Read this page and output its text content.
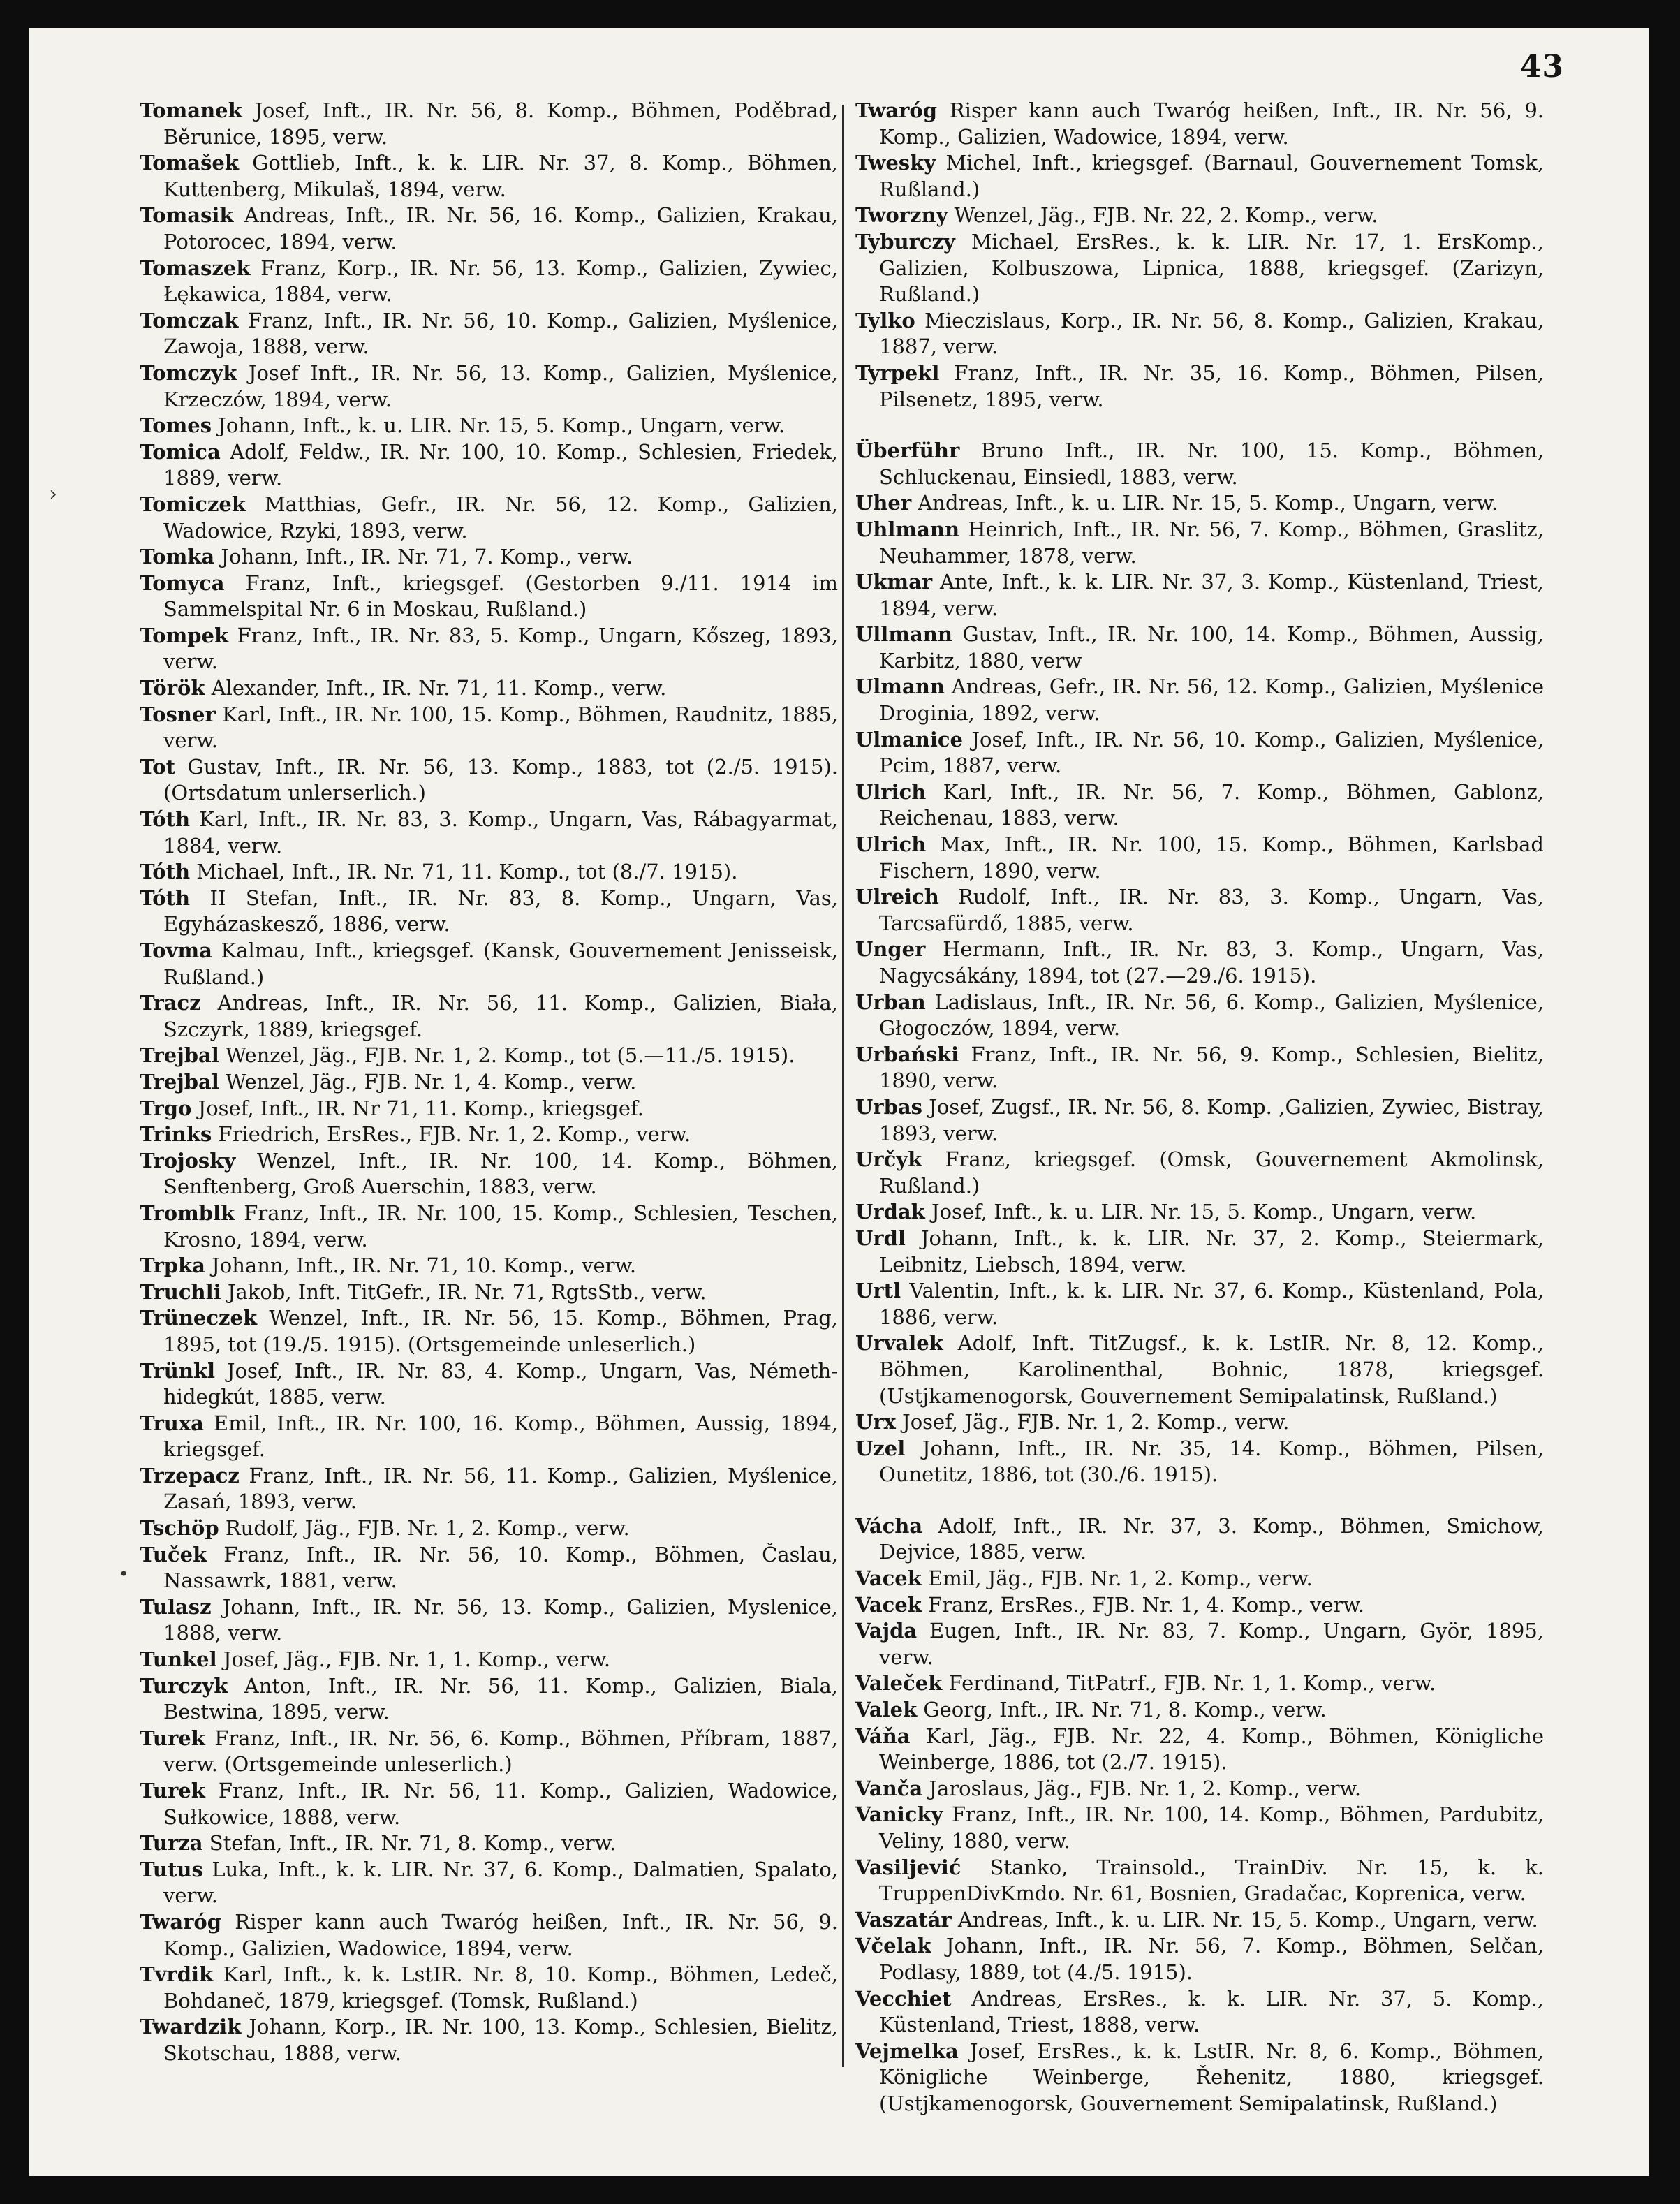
43
Tomanek Josef, Inft., IR. Nr. 56, 8. Komp., Böhmen, Poděbrad, Běrunice, 1895, verw.
Tomašek Gottlieb, Inft., k. k. LIR. Nr. 37, 8. Komp., Böhmen, Kuttenberg, Mikulaš, 1894, verw.
Tomasik Andreas, Inft., IR. Nr. 56, 16. Komp., Galizien, Krakau, Potorocec, 1894, verw.
Tomaszek Franz, Korp., IR. Nr. 56, 13. Komp., Galizien, Zywiec, Łękawica, 1884, verw.
Tomczak Franz, Inft., IR. Nr. 56, 10. Komp., Galizien, Myślenice, Zawoja, 1888, verw.
Tomczyk Josef Inft., IR. Nr. 56, 13. Komp., Galizien, Myślenice, Krzeczów, 1894, verw.
Tomes Johann, Inft., k. u. LIR. Nr. 15, 5. Komp., Ungarn, verw.
Tomica Adolf, Feldw., IR. Nr. 100, 10. Komp., Schlesien, Friedek, 1889, verw.
Tomiczek Matthias, Gefr., IR. Nr. 56, 12. Komp., Galizien, Wadowice, Rzyki, 1893, verw.
Tomka Johann, Inft., IR. Nr. 71, 7. Komp., verw.
Tomyca Franz, Inft., kriegsgef. (Gestorben 9./11. 1914 im Sammelspital Nr. 6 in Moskau, Rußland.)
Tompek Franz, Inft., IR. Nr. 83, 5. Komp., Ungarn, Kőszeg, 1893, verw.
Török Alexander, Inft., IR. Nr. 71, 11. Komp., verw.
Tosner Karl, Inft., IR. Nr. 100, 15. Komp., Böhmen, Raudnitz, 1885, verw.
Tot Gustav, Inft., IR. Nr. 56, 13. Komp., 1883, tot (2./5. 1915). (Ortsdatum unlerserlich.)
Tóth Karl, Inft., IR. Nr. 83, 3. Komp., Ungarn, Vas, Rábagyarmat, 1884, verw.
Tóth Michael, Inft., IR. Nr. 71, 11. Komp., tot (8./7. 1915).
Tóth II Stefan, Inft., IR. Nr. 83, 8. Komp., Ungarn, Vas, Egyházaskesző, 1886, verw.
Tovma Kalmau, Inft., kriegsgef. (Kansk, Gouvernement Jenisseisk, Rußland.)
Tracz Andreas, Inft., IR. Nr. 56, 11. Komp., Galizien, Biała, Szczyrk, 1889, kriegsgef.
Trejbal Wenzel, Jäg., FJB. Nr. 1, 2. Komp., tot (5.—11./5. 1915).
Trejbal Wenzel, Jäg., FJB. Nr. 1, 4. Komp., verw.
Trgo Josef, Inft., IR. Nr 71, 11. Komp., kriegsgef.
Trinks Friedrich, ErsRes., FJB. Nr. 1, 2. Komp., verw.
Trojosky Wenzel, Inft., IR. Nr. 100, 14. Komp., Böhmen, Senftenberg, Groß Auerschin, 1883, verw.
Tromblk Franz, Inft., IR. Nr. 100, 15. Komp., Schlesien, Teschen, Krosno, 1894, verw.
Trpka Johann, Inft., IR. Nr. 71, 10. Komp., verw.
Truchli Jakob, Inft. TitGefr., IR. Nr. 71, RgtsStb., verw.
Trüneczek Wenzel, Inft., IR. Nr. 56, 15. Komp., Böhmen, Prag, 1895, tot (19./5. 1915). (Ortsgemeinde unleserlich.)
Trünkl Josef, Inft., IR. Nr. 83, 4. Komp., Ungarn, Vas, Németh-hidegkút, 1885, verw.
Truxa Emil, Inft., IR. Nr. 100, 16. Komp., Böhmen, Aussig, 1894, kriegsgef.
Trzepacz Franz, Inft., IR. Nr. 56, 11. Komp., Galizien, Myślenice, Zasań, 1893, verw.
Tschöp Rudolf, Jäg., FJB. Nr. 1, 2. Komp., verw.
Tuček Franz, Inft., IR. Nr. 56, 10. Komp., Böhmen, Časlau, Nassawrk, 1881, verw.
Tulasz Johann, Inft., IR. Nr. 56, 13. Komp., Galizien, Myslenice, 1888, verw.
Tunkel Josef, Jäg., FJB. Nr. 1, 1. Komp., verw.
Turczyk Anton, Inft., IR. Nr. 56, 11. Komp., Galizien, Biala, Bestwina, 1895, verw.
Turek Franz, Inft., IR. Nr. 56, 6. Komp., Böhmen, Příbram, 1887, verw. (Ortsgemeinde unleserlich.)
Turek Franz, Inft., IR. Nr. 56, 11. Komp., Galizien, Wadowice, Sułkowice, 1888, verw.
Turza Stefan, Inft., IR. Nr. 71, 8. Komp., verw.
Tutus Luka, Inft., k. k. LIR. Nr. 37, 6. Komp., Dalmatien, Spalato, verw.
Twaróg Risper kann auch Twaróg heißen, Inft., IR. Nr. 56, 9. Komp., Galizien, Wadowice, 1894, verw.
Tvrdik Karl, Inft., k. k. LstIR. Nr. 8, 10. Komp., Böhmen, Ledeč, Bohdaneč, 1879, kriegsgef. (Tomsk, Rußland.)
Twardzik Johann, Korp., IR. Nr. 100, 13. Komp., Schlesien, Bielitz, Skotschau, 1888, verw.
Twaróg Risper kann auch Twaróg heißen, Inft., IR. Nr. 56, 9. Komp., Galizien, Wadowice, 1894, verw.
Twesky Michel, Inft., kriegsgef. (Barnaul, Gouvernement Tomsk, Rußland.)
Tworzny Wenzel, Jäg., FJB. Nr. 22, 2. Komp., verw.
Tyburczy Michael, ErsRes., k. k. LIR. Nr. 17, 1. ErsKomp., Galizien, Kolbuszowa, Lipnica, 1888, kriegsgef. (Zarizyn, Rußland.)
Tylko Mieczislaus, Korp., IR. Nr. 56, 8. Komp., Galizien, Krakau, 1887, verw.
Tyrpekl Franz, Inft., IR. Nr. 35, 16. Komp., Böhmen, Pilsen, Pilsenetz, 1895, verw.
Überführ Bruno Inft., IR. Nr. 100, 15. Komp., Böhmen, Schluckenau, Einsiedl, 1883, verw.
Uher Andreas, Inft., k. u. LIR. Nr. 15, 5. Komp., Ungarn, verw.
Uhlmann Heinrich, Inft., IR. Nr. 56, 7. Komp., Böhmen, Graslitz, Neuhammer, 1878, verw.
Ukmar Ante, Inft., k. k. LIR. Nr. 37, 3. Komp., Küstenland, Triest, 1894, verw.
Ullmann Gustav, Inft., IR. Nr. 100, 14. Komp., Böhmen, Aussig, Karbitz, 1880, verw
Ulmann Andreas, Gefr., IR. Nr. 56, 12. Komp., Galizien, Myślenice Droginia, 1892, verw.
Ulmanice Josef, Inft., IR. Nr. 56, 10. Komp., Galizien, Myślenice, Pcim, 1887, verw.
Ulrich Karl, Inft., IR. Nr. 56, 7. Komp., Böhmen, Gablonz, Reichenau, 1883, verw.
Ulrich Max, Inft., IR. Nr. 100, 15. Komp., Böhmen, Karlsbad Fischern, 1890, verw.
Ulreich Rudolf, Inft., IR. Nr. 83, 3. Komp., Ungarn, Vas, Tarcsafürdő, 1885, verw.
Unger Hermann, Inft., IR. Nr. 83, 3. Komp., Ungarn, Vas, Nagycsákány, 1894, tot (27.—29./6. 1915).
Urban Ladislaus, Inft., IR. Nr. 56, 6. Komp., Galizien, Myślenice, Głogoczów, 1894, verw.
Urbański Franz, Inft., IR. Nr. 56, 9. Komp., Schlesien, Bielitz, 1890, verw.
Urbas Josef, Zugsf., IR. Nr. 56, 8. Komp. ,Galizien, Zywiec, Bistray, 1893, verw.
Určyk Franz, kriegsgef. (Omsk, Gouvernement Akmolinsk, Rußland.)
Urdak Josef, Inft., k. u. LIR. Nr. 15, 5. Komp., Ungarn, verw.
Urdl Johann, Inft., k. k. LIR. Nr. 37, 2. Komp., Steiermark, Leibnitz, Liebsch, 1894, verw.
Urtl Valentin, Inft., k. k. LIR. Nr. 37, 6. Komp., Küstenland, Pola, 1886, verw.
Urvalek Adolf, Inft. TitZugsf., k. k. LstIR. Nr. 8, 12. Komp., Böhmen, Karolinenthal, Bohnic, 1878, kriegsgef. (Ustjkamenogorsk, Gouvernement Semipalatinsk, Rußland.)
Urx Josef, Jäg., FJB. Nr. 1, 2. Komp., verw.
Uzel Johann, Inft., IR. Nr. 35, 14. Komp., Böhmen, Pilsen, Ounetitz, 1886, tot (30./6. 1915).
Vácha Adolf, Inft., IR. Nr. 37, 3. Komp., Böhmen, Smichow, Dejvice, 1885, verw.
Vacek Emil, Jäg., FJB. Nr. 1, 2. Komp., verw.
Vacek Franz, ErsRes., FJB. Nr. 1, 4. Komp., verw.
Vajda Eugen, Inft., IR. Nr. 83, 7. Komp., Ungarn, Györ, 1895, verw.
Valeček Ferdinand, TitPatrf., FJB. Nr. 1, 1. Komp., verw.
Valek Georg, Inft., IR. Nr. 71, 8. Komp., verw.
Váňa Karl, Jäg., FJB. Nr. 22, 4. Komp., Böhmen, Königliche Weinberge, 1886, tot (2./7. 1915).
Vanča Jaroslaus, Jäg., FJB. Nr. 1, 2. Komp., verw.
Vanicky Franz, Inft., IR. Nr. 100, 14. Komp., Böhmen, Pardubitz, Veliny, 1880, verw.
Vasiljević Stanko, Trainsold., TrainDiv. Nr. 15, k. k. TruppenDivKmdo. Nr. 61, Bosnien, Gradačac, Koprenica, verw.
Vaszatár Andreas, Inft., k. u. LIR. Nr. 15, 5. Komp., Ungarn, verw.
Včelak Johann, Inft., IR. Nr. 56, 7. Komp., Böhmen, Selčan, Podlasy, 1889, tot (4./5. 1915).
Vecchiet Andreas, ErsRes., k. k. LIR. Nr. 37, 5. Komp., Küstenland, Triest, 1888, verw.
Vejmelka Josef, ErsRes., k. k. LstIR. Nr. 8, 6. Komp., Böhmen, Königliche Weinberge, Řehenitz, 1880, kriegsgef. (Ustjkamenogorsk, Gouvernement Semipalatinsk, Rußland.)
›
•
